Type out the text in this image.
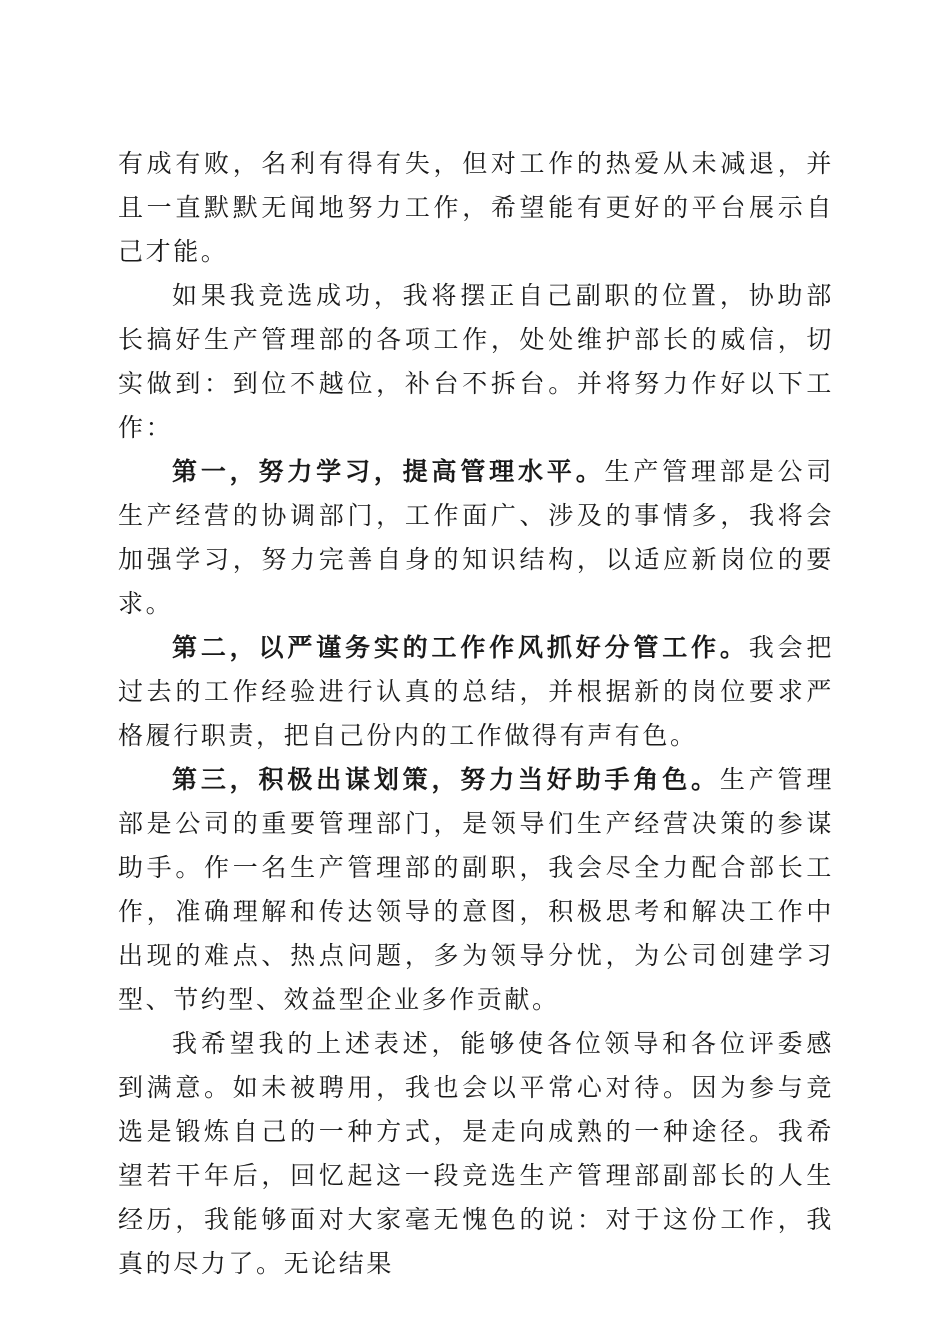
有成有败，名利有得有失，但对工作的热爱从未减退，并且一直默默无闻地努力工作，希望能有更好的平台展示自己才能。

如果我竞选成功，我将摆正自己副职的位置，协助部长搞好生产管理部的各项工作，处处维护部长的威信，切实做到：到位不越位，补台不拆台。并将努力作好以下工作：

第一，努力学习，提高管理水平。生产管理部是公司生产经营的协调部门，工作面广、涉及的事情多，我将会加强学习，努力完善自身的知识结构，以适应新岗位的要求。

第二，以严谨务实的工作作风抓好分管工作。我会把过去的工作经验进行认真的总结，并根据新的岗位要求严格履行职责，把自己份内的工作做得有声有色。

第三，积极出谋划策，努力当好助手角色。生产管理部是公司的重要管理部门，是领导们生产经营决策的参谋助手。作一名生产管理部的副职，我会尽全力配合部长工作，准确理解和传达领导的意图，积极思考和解决工作中出现的难点、热点问题，多为领导分忧，为公司创建学习型、节约型、效益型企业多作贡献。

我希望我的上述表述，能够使各位领导和各位评委感到满意。如未被聘用，我也会以平常心对待。因为参与竞选是锻炼自己的一种方式，是走向成熟的一种途径。我希望若干年后，回忆起这一段竞选生产管理部副部长的人生经历，我能够面对大家毫无愧色的说：对于这份工作，我真的尽力了。无论结果
